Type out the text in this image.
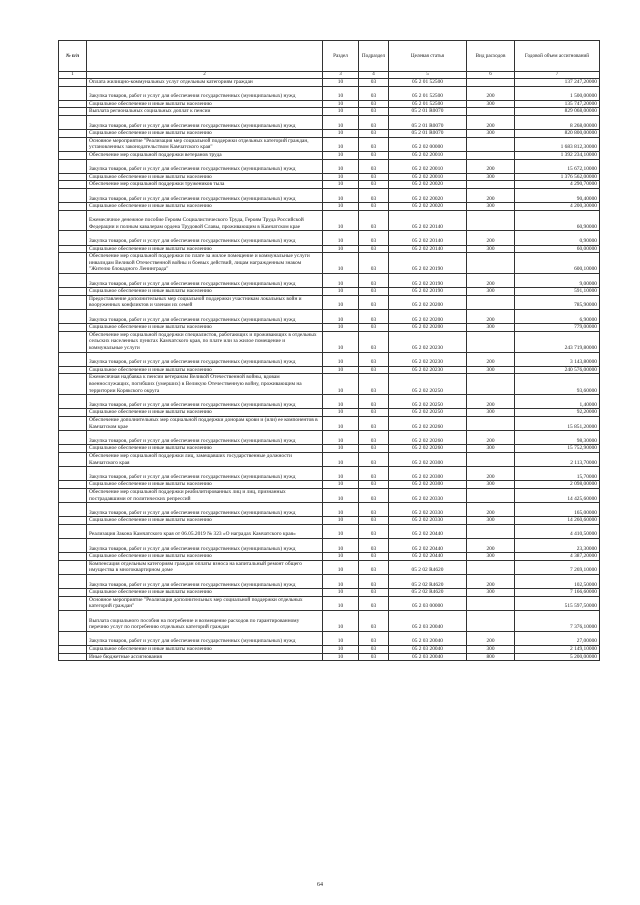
№ п/п		Раздел	Подраздел	Целевая статья	Вид расходов	Годовой объем ассигнований
1	2	3	4	5	6	7
	Оплата жилищно-коммунальных услуг отдельным категориям граждан	10	03	05 2 01 52500		137 247,20000
	Закупка товаров, работ и услуг для обеспечения государственных (муниципальных) нужд	10	03	05 2 01 52500	200	1 500,00000
	Социальное обеспечение и иные выплаты населению	10	03	05 2 01 52500	300	135 747,20000
	Выплата региональных социальных доплат к пенсии	10	03	05 2 01 R0070		829 068,00000
	Закупка товаров, работ и услуг для обеспечения государственных (муниципальных) нужд	10	03	05 2 01 R0070	200	8 268,00000
	Социальное обеспечение и иные выплаты населению	10	03	05 2 01 R0070	300	820 800,00000
	Основное мероприятие "Реализация мер социальной поддержки отдельных категорий граждан, установленных законодательством Камчатского края"	10	03	05 2 02 00000		1 683 812,30000
	Обеспечение мер социальной поддержки ветеранов труда	10	03	05 2 02 20010		1 392 234,10000
	Закупка товаров, работ и услуг для обеспечения государственных (муниципальных) нужд	10	03	05 2 02 20010	200	15 672,10000
	Социальное обеспечение и иные выплаты населению	10	03	05 2 02 20010	300	1 376 562,00000
	Обеспечение мер социальной поддержки тружеников тыла	10	03	05 2 02 20020		4 290,70000
	Закупка товаров, работ и услуг для обеспечения государственных (муниципальных) нужд	10	03	05 2 02 20020	200	90,40000
	Социальное обеспечение и иные выплаты населению	10	03	05 2 02 20020	300	4 200,30000
	Ежемесячное денежное пособие Героям Социалистического Труда, Героям Труда Российской Федерации и полным кавалерам ордена Трудовой Славы, проживающим в Камчатском крае	10	03	05 2 02 20140		60,90000
	Закупка товаров, работ и услуг для обеспечения государственных (муниципальных) нужд	10	03	05 2 02 20140	200	0,90000
	Социальное обеспечение и иные выплаты населению	10	03	05 2 02 20140	300	60,00000
	Обеспечение мер социальной поддержки по плате за жилое помещение и коммунальные услуги инвалидам Великой Отечественной войны и боевых действий, лицам награжденным знаком "Жителю блокадного Ленинграда"	10	03	05 2 02 20190		600,10000
	Закупка товаров, работ и услуг для обеспечения государственных (муниципальных) нужд	10	03	05 2 02 20190	200	9,00000
	Социальное обеспечение и иные выплаты населению	10	03	05 2 02 20190	300	591,10000
	Предоставление дополнительных мер социальной поддержки участникам локальных войн и вооруженных конфликтов и членам их семей	10	03	05 2 02 20200		785,90000
	Закупка товаров, работ и услуг для обеспечения государственных (муниципальных) нужд	10	03	05 2 02 20200	200	6,90000
	Социальное обеспечение и иные выплаты населению	10	03	05 2 02 20200	300	779,00000
	Обеспечение мер социальной поддержки специалистов, работающих и проживающих в отдельных сельских населенных пунктах Камчатского края, по плате или за жилое помещение и коммунальные услуги	10	03	05 2 02 20230		243 719,80000
	Закупка товаров, работ и услуг для обеспечения государственных (муниципальных) нужд	10	03	05 2 02 20230	200	3 143,80000
	Социальное обеспечение и иные выплаты населению	10	03	05 2 02 20230	300	240 576,00000
	Ежемесячная надбавка к пенсии ветеранам Великой Отечественной войны, вдовам военнослужащих, погибших (умерших) в Великую Отечественную войну, проживающим на территории Корякского округа	10	03	05 2 02 20250		93,60000
	Закупка товаров, работ и услуг для обеспечения государственных (муниципальных) нужд	10	03	05 2 02 20250	200	1,40000
	Социальное обеспечение и иные выплаты населению	10	03	05 2 02 20250	300	92,20000
	Обеспечение дополнительных мер социальной поддержки донорам крови и (или) ее компонентов в Камчатском крае	10	03	05 2 02 20260		15 851,20000
	Закупка товаров, работ и услуг для обеспечения государственных (муниципальных) нужд	10	03	05 2 02 20260	200	98,30000
	Социальное обеспечение и иные выплаты населению	10	03	05 2 02 20260	300	15 752,90000
	Обеспечение мер социальной поддержки лиц, замещавших государственные должности Камчатского края	10	03	05 2 02 20300		2 113,70000
	Закупка товаров, работ и услуг для обеспечения государственных (муниципальных) нужд	10	03	05 2 02 20300	200	15,70000
	Социальное обеспечение и иные выплаты населению	10	03	05 2 02 20300	300	2 098,00000
	Обеспечение мер социальной поддержки реабилитированных лиц и лиц, признанных пострадавшими от политических репрессий	10	03	05 2 02 20330		14 425,60000
	Закупка товаров, работ и услуг для обеспечения государственных (муниципальных) нужд	10	03	05 2 02 20330	200	165,00000
	Социальное обеспечение и иные выплаты населению	10	03	05 2 02 20330	300	14 260,60000
	Реализация Закона Камчатского края от 06.05.2019 № 323 «О наградах Камчатского края»	10	03	05 2 02 20440		4 410,50000
	Закупка товаров, работ и услуг для обеспечения государственных (муниципальных) нужд	10	03	05 2 02 20440	200	23,30000
	Социальное обеспечение и иные выплаты населению	10	03	05 2 02 20440	300	4 387,20000
	Компенсация отдельным категориям граждан оплаты взноса на капитальный ремонт общего имущества в многоквартирном доме	10	03	05 2 02 R4620		7 269,10000
	Закупка товаров, работ и услуг для обеспечения государственных (муниципальных) нужд	10	03	05 2 02 R4620	200	102,50000
	Социальное обеспечение и иные выплаты населению	10	03	05 2 02 R4620	300	7 166,60000
	Основное мероприятие "Реализация дополнительных мер социальной поддержки отдельных категорий граждан"	10	03	05 2 03 00000		515 597,50000
	Выплата социального пособия на погребение и возмещение расходов по гарантированному перечню услуг по погребению отдельных категорий граждан	10	03	05 2 03 20040		7 376,10000
	Закупка товаров, работ и услуг для обеспечения государственных (муниципальных) нужд	10	03	05 2 03 20040	200	27,00000
	Социальное обеспечение и иные выплаты населению	10	03	05 2 03 20040	300	2 149,10000
	Иные бюджетные ассигнования	10	03	05 2 03 20040	800	5 200,00000
64
